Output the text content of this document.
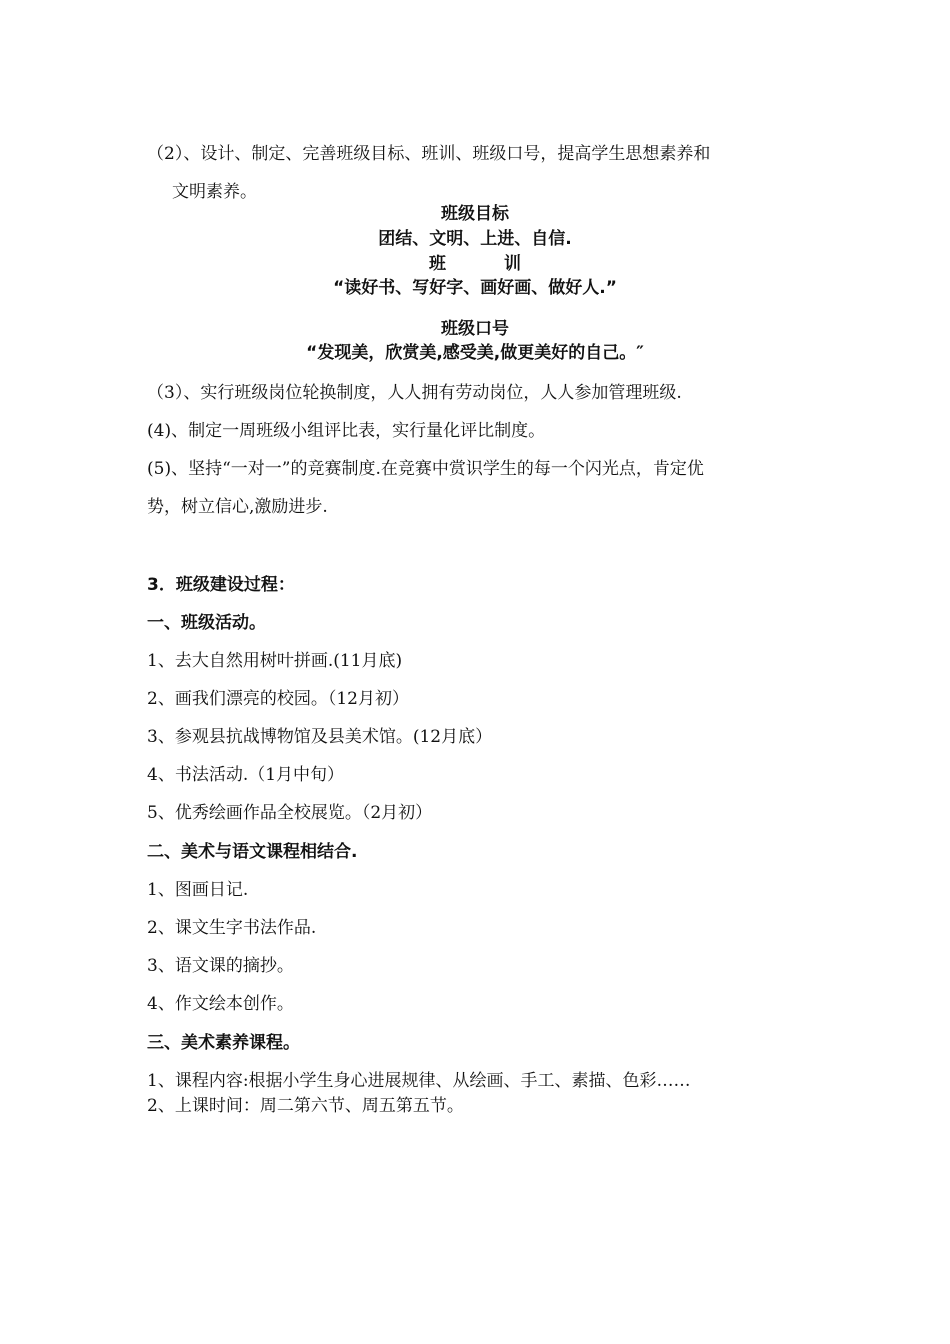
（2）、设计、制定、完善班级目标、班训、班级口号，提高学生思想素养和
文明素养。
班级目标
团结、文明、上进、自信.
班	训
“读好书、写好字、画好画、做好人.”
班级口号
“发现美，欣赏美,感受美,做更美好的自己。″
（3）、实行班级岗位轮换制度，人人拥有劳动岗位，人人参加管理班级.
(4)、制定一周班级小组评比表，实行量化评比制度。
(5)、坚持“一对一”的竞赛制度.在竞赛中赏识学生的每一个闪光点，肯定优
势，树立信心,激励进步.
3．班级建设过程：
一、班级活动。
1、去大自然用树叶拼画.(11月底)
2、画我们漂亮的校园。（12月初）
3、参观县抗战博物馆及县美术馆。(12月底）
4、书法活动.（1月中旬）
5、优秀绘画作品全校展览。（2月初）
二、美术与语文课程相结合.
1、图画日记.
2、课文生字书法作品.
3、语文课的摘抄。
4、作文绘本创作。
三、美术素养课程。
1、课程内容:根据小学生身心进展规律、从绘画、手工、素描、色彩……
2、上课时间：周二第六节、周五第五节。
